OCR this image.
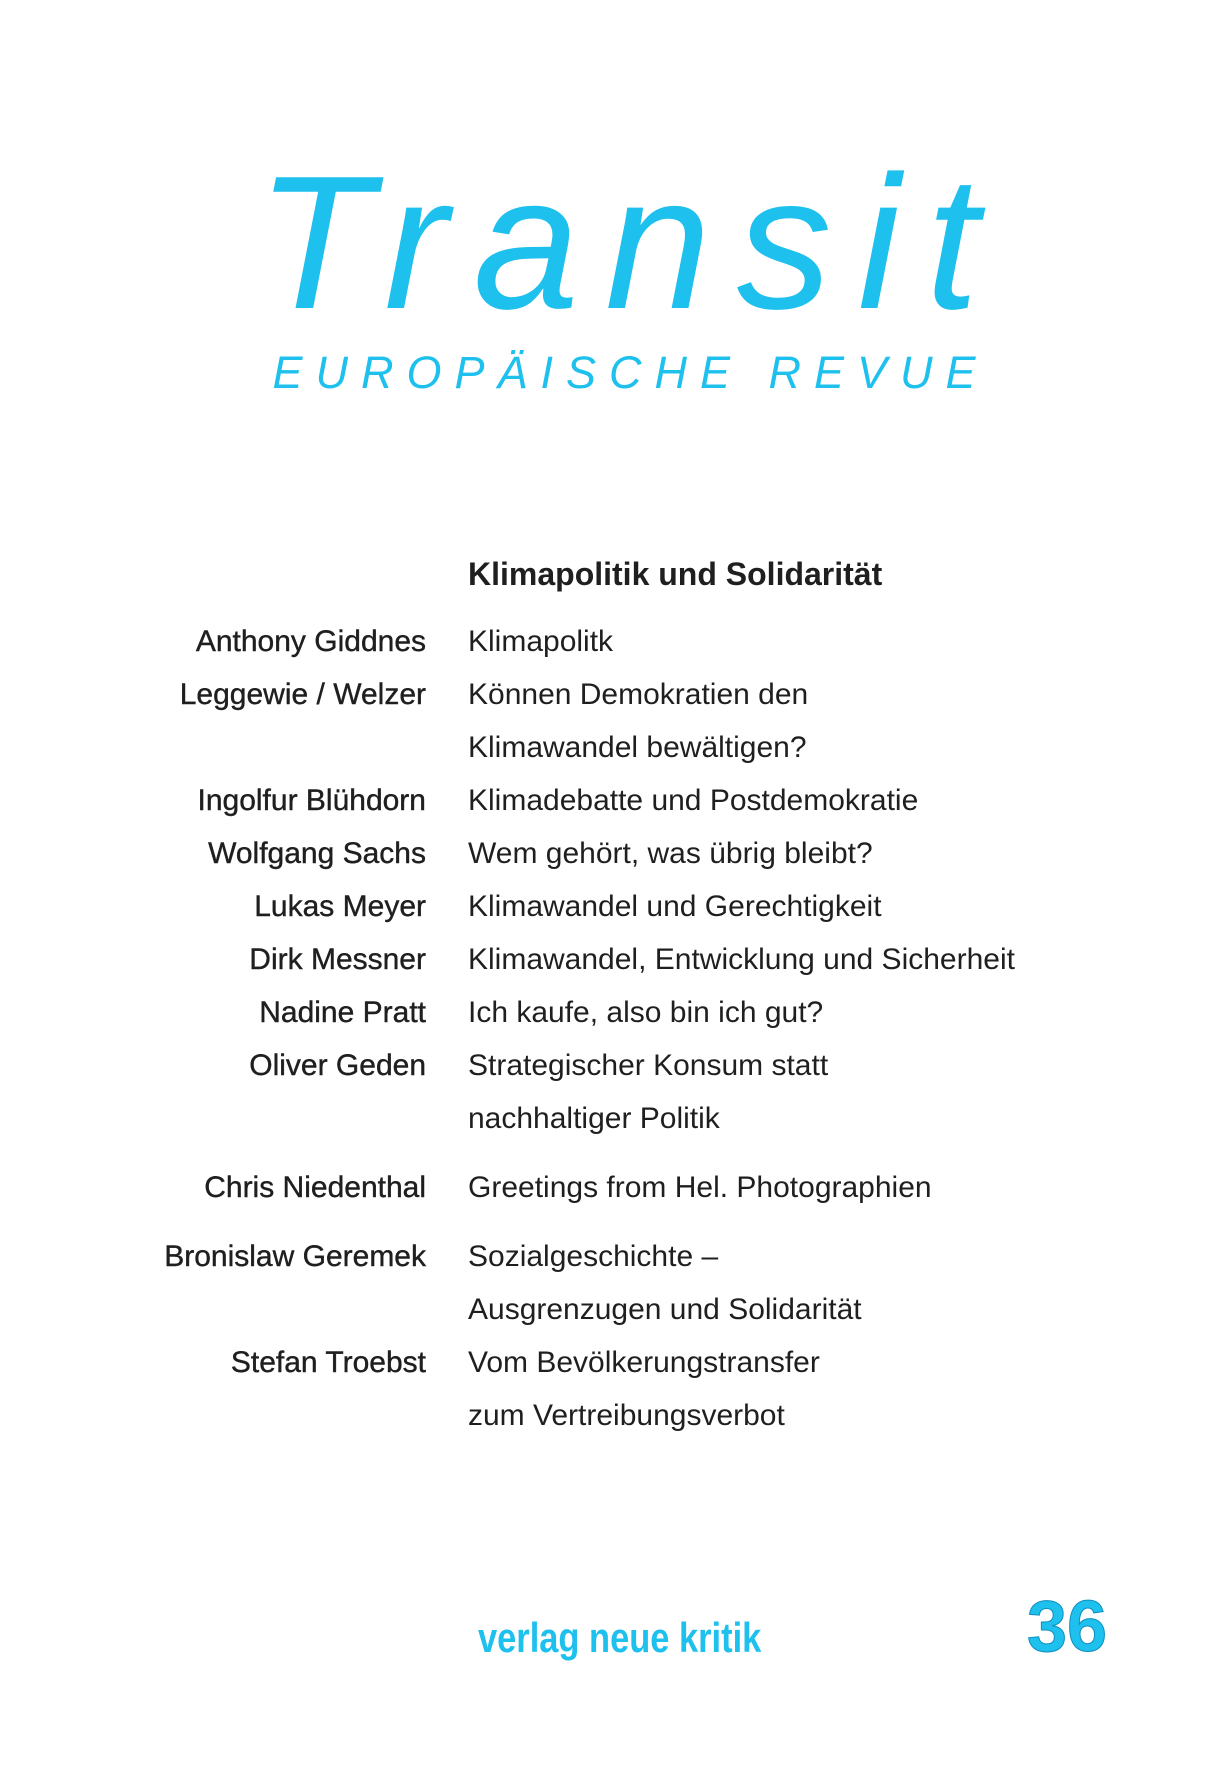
Transit
EUROPÄISCHE REVUE
Klimapolitik und Solidarität
Anthony Giddnes Klimapolitk
Leggewie / Welzer Können Demokratien den
Klimawandel bewältigen?
Ingolfur Blühdorn Klimadebatte und Postdemokratie
Wolfgang Sachs Wem gehört, was übrig bleibt?
Lukas Meyer Klimawandel und Gerechtigkeit
Dirk Messner Klimawandel, Entwicklung und Sicherheit
Nadine Pratt Ich kaufe, also bin ich gut?
Oliver Geden Strategischer Konsum statt
nachhaltiger Politik
Chris Niedenthal Greetings from Hel. Photographien
Bronislaw Geremek Sozialgeschichte –
Ausgrenzugen und Solidarität
Stefan Troebst Vom Bevölkerungstransfer
zum Vertreibungsverbot
verlag neue kritik	36
